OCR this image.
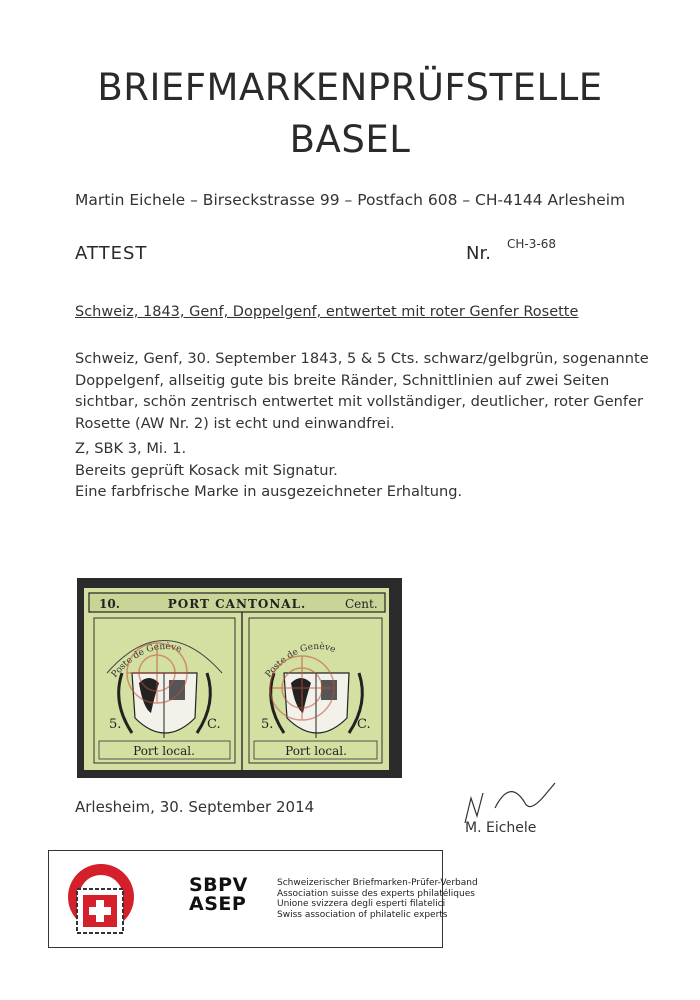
BRIEFMARKENPRÜFSTELLE
BASEL
Martin Eichele – Birseckstrasse 99 – Postfach 608 – CH-4144 Arlesheim
ATTEST	Nr. CH-3-68
Schweiz, 1843, Genf, Doppelgenf, entwertet mit roter Genfer Rosette

Schweiz, Genf, 30. September 1843, 5 & 5 Cts. schwarz/gelbgrün, sogenannte

Doppelgenf, allseitig gute bis breite Ränder, Schnittlinien auf zwei Seiten

sichtbar, schön zentrisch entwertet mit vollständiger, deutlicher, roter Genfer

Rosette (AW Nr. 2) ist echt und einwandfrei.

Z, SBK 3, Mi. 1.

Bereits geprüft Kosack mit Signatur.

Eine farbfrische Marke in ausgezeichneter Erhaltung.

10.	PORT CANTONAL.	Cent.
Poste de Genève
5.	C.
Port local.
Poste de Genève
5.	C.
Port local.
Arlesheim, 30. September 2014
M. Eichele
SBPV
ASEP
Schweizerischer Briefmarken-Prüfer-Verband
Association suisse des experts philatéliques
Unione svizzera degli esperti filatelici
Swiss association of philatelic experts
